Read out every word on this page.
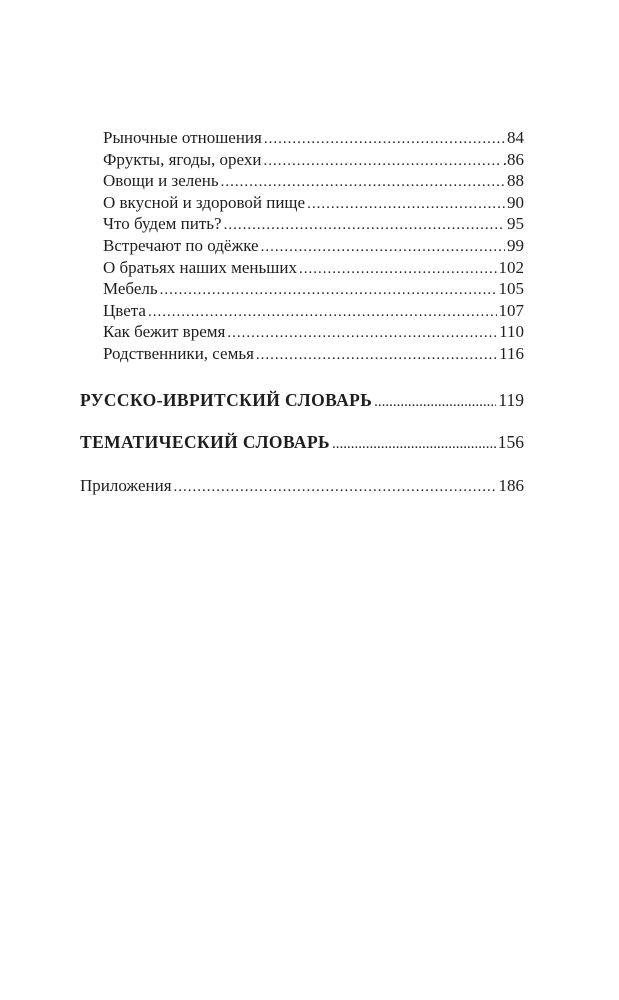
Рыночные отношения .....	84
Фрукты, ягоды, орехи .....	.86
Овощи и зелень .....	88
О вкусной и здоровой пище .....	90
Что будем пить? .....	95
Встречают по одёжке .....	99
О братьях наших меньших .....	102
Мебель .....	105
Цвета .....	107
Как бежит время .....	110
Родственники, семья .....	116
РУССКО-ИВРИТСКИЙ СЛОВАРЬ .....	119
ТЕМАТИЧЕСКИЙ СЛОВАРЬ .....	156
Приложения .....	186
